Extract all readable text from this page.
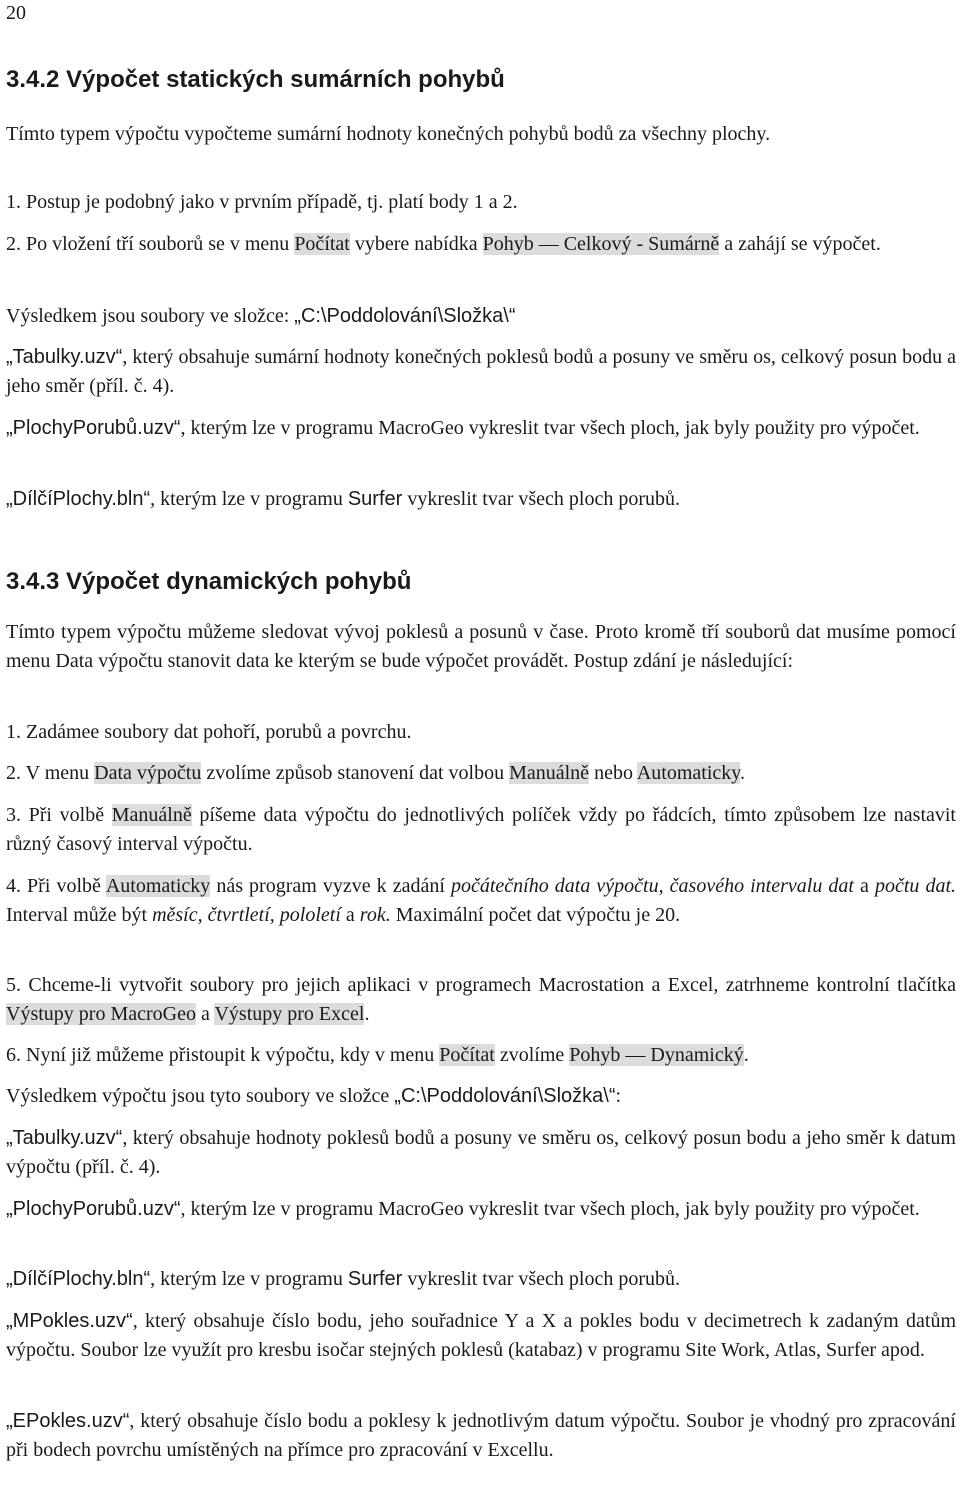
20
3.4.2 Výpočet statických sumárních pohybů
Tímto typem výpočtu vypočteme sumární hodnoty konečných pohybů bodů za všechny plochy.
1. Postup je podobný jako v prvním případě, tj. platí body 1 a 2.
2. Po vložení tří souborů se v menu Počítat vybere nabídka Pohyb — Celkový - Sumárně a zahájí se výpočet.
Výsledkem jsou soubory ve složce: „C:\Poddolování\Složka\“
„Tabulky.uzv“, který obsahuje sumární hodnoty konečných poklesů bodů a posuny ve směru os, celkový posun bodu a jeho směr (příl. č. 4).
„PlochyPorubů.uzv“, kterým lze v programu MacroGeo vykreslit tvar všech ploch, jak byly použity pro výpočet.
„DílčíPlochy.bln“, kterým lze v programu Surfer vykreslit tvar všech ploch porubů.
3.4.3 Výpočet dynamických pohybů
Tímto typem výpočtu můžeme sledovat vývoj poklesů a posunů v čase. Proto kromě tří souborů dat musíme pomocí menu Data výpočtu stanovit data ke kterým se bude výpočet provádět. Postup zdání je následující:
1. Zadámee soubory dat pohoří, porubů a povrchu.
2. V menu Data výpočtu zvolíme způsob stanovení dat volbou Manuálně nebo Automaticky.
3. Při volbě Manuálně píšeme data výpočtu do jednotlivých políček vždy po řádcích, tímto způsobem lze nastavit různý časový interval výpočtu.
4. Při volbě Automaticky nás program vyzve k zadání počátečního data výpočtu, časového intervalu dat a počtu dat. Interval může být měsíc, čtvrtletí, pololetí a rok. Maximální počet dat výpočtu je 20.
5. Chceme-li vytvořit soubory pro jejich aplikaci v programech Macrostation a Excel, zatrhneme kontrolní tlačítka Výstupy pro MacroGeo a Výstupy pro Excel.
6. Nyní již můžeme přistoupit k výpočtu, kdy v menu Počítat zvolíme Pohyb — Dynamický.
Výsledkem výpočtu jsou tyto soubory ve složce „C:\Poddolování\Složka\“:
„Tabulky.uzv“, který obsahuje hodnoty poklesů bodů a posuny ve směru os, celkový posun bodu a jeho směr k datum výpočtu (příl. č. 4).
„PlochyPorubů.uzv“, kterým lze v programu MacroGeo vykreslit tvar všech ploch, jak byly použity pro výpočet.
„DílčíPlochy.bln“, kterým lze v programu Surfer vykreslit tvar všech ploch porubů.
„MPokles.uzv“, který obsahuje číslo bodu, jeho souřadnice Y a X a pokles bodu v decimetrech k zadaným datům výpočtu. Soubor lze využít pro kresbu isočar stejných poklesů (katabaz) v programu Site Work, Atlas, Surfer apod.
„EPokles.uzv“, který obsahuje číslo bodu a poklesy k jednotlivým datum výpočtu. Soubor je vhodný pro zpracování při bodech povrchu umístěných na přímce pro zpracování v Excellu.
